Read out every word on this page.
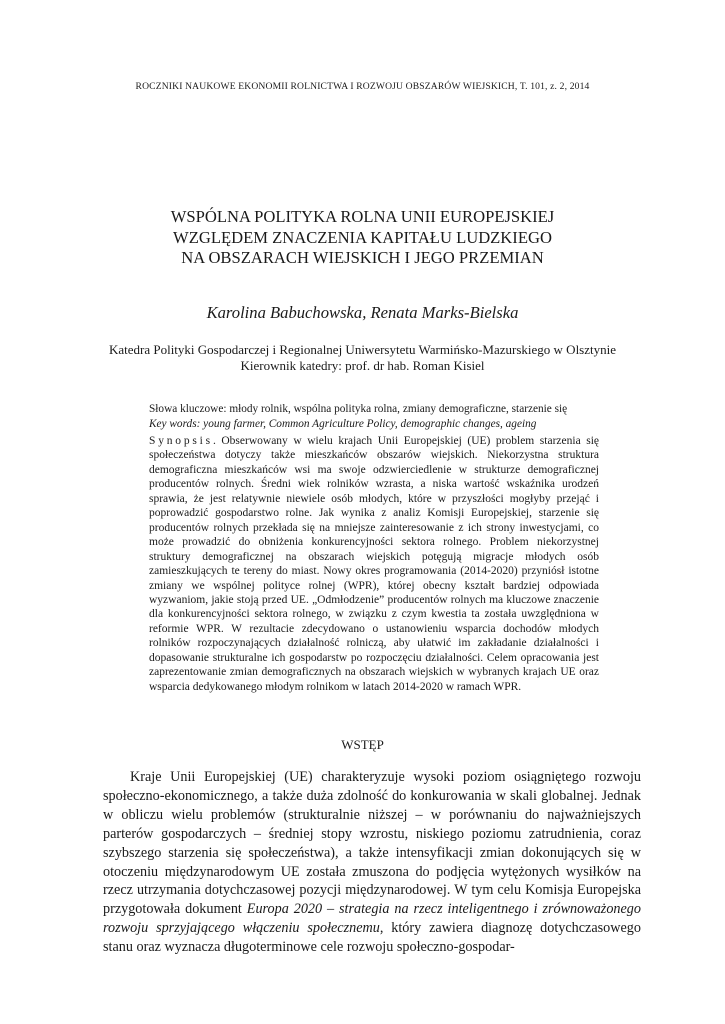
ROCZNIKI NAUKOWE EKONOMII ROLNICTWA I ROZWOJU OBSZARÓW WIEJSKICH, T. 101, z. 2, 2014
WSPÓLNA POLITYKA ROLNA UNII EUROPEJSKIEJ
WZGLĘDEM ZNACZENIA KAPITAŁU LUDZKIEGO
NA OBSZARACH WIEJSKICH I JEGO PRZEMIAN
Karolina Babuchowska, Renata Marks-Bielska
Katedra Polityki Gospodarczej i Regionalnej Uniwersytetu Warmińsko-Mazurskiego w Olsztynie
Kierownik katedry: prof. dr hab. Roman Kisiel
Słowa kluczowe: młody rolnik, wspólna polityka rolna, zmiany demograficzne, starzenie się
Key words: young farmer, Common Agriculture Policy, demographic changes, ageing
Synopsis. Obserwowany w wielu krajach Unii Europejskiej (UE) problem starzenia się społeczeństwa dotyczy także mieszkańców obszarów wiejskich. Niekorzystna struktura demograficzna mieszkańców wsi ma swoje odzwierciedlenie w strukturze demograficznej producentów rolnych. Średni wiek rolników wzrasta, a niska wartość wskaźnika urodzeń sprawia, że jest relatywnie niewiele osób młodych, które w przyszłości mogłyby przejąć i poprowadzić gospodarstwo rolne. Jak wynika z analiz Komisji Europejskiej, starzenie się producentów rolnych przekłada się na mniejsze zainteresowanie z ich strony inwestycjami, co może prowadzić do obniżenia konkurencyjności sektora rolnego. Problem niekorzystnej struktury demograficznej na obszarach wiejskich potęgują migracje młodych osób zamieszkujących te tereny do miast. Nowy okres programowania (2014-2020) przyniósł istotne zmiany we wspólnej polityce rolnej (WPR), której obecny kształt bardziej odpowiada wyzwaniom, jakie stoją przed UE. „Odmłodzenie” producentów rolnych ma kluczowe znaczenie dla konkurencyjności sektora rolnego, w związku z czym kwestia ta została uwzględniona w reformie WPR. W rezultacie zdecydowano o ustanowieniu wsparcia dochodów młodych rolników rozpoczynających działalność rolniczą, aby ułatwić im zakładanie działalności i dopasowanie strukturalne ich gospodarstw po rozpoczęciu działalności. Celem opracowania jest zaprezentowanie zmian demograficznych na obszarach wiejskich w wybranych krajach UE oraz wsparcia dedykowanego młodym rolnikom w latach 2014-2020 w ramach WPR.
WSTĘP
Kraje Unii Europejskiej (UE) charakteryzuje wysoki poziom osiągniętego rozwoju społeczno-ekonomicznego, a także duża zdolność do konkurowania w skali globalnej. Jednak w obliczu wielu problemów (strukturalnie niższej – w porównaniu do najważniejszych parterów gospodarczych – średniej stopy wzrostu, niskiego poziomu zatrudnienia, coraz szybszego starzenia się społeczeństwa), a także intensyfikacji zmian dokonujących się w otoczeniu międzynarodowym UE została zmuszona do podjęcia wytężonych wysiłków na rzecz utrzymania dotychczasowej pozycji międzynarodowej. W tym celu Komisja Europejska przygotowała dokument Europa 2020 – strategia na rzecz inteligentnego i zrównoważonego rozwoju sprzyjającego włączeniu społecznemu, który zawiera diagnozę dotychczasowego stanu oraz wyznacza długoterminowe cele rozwoju społeczno-gospodar-
